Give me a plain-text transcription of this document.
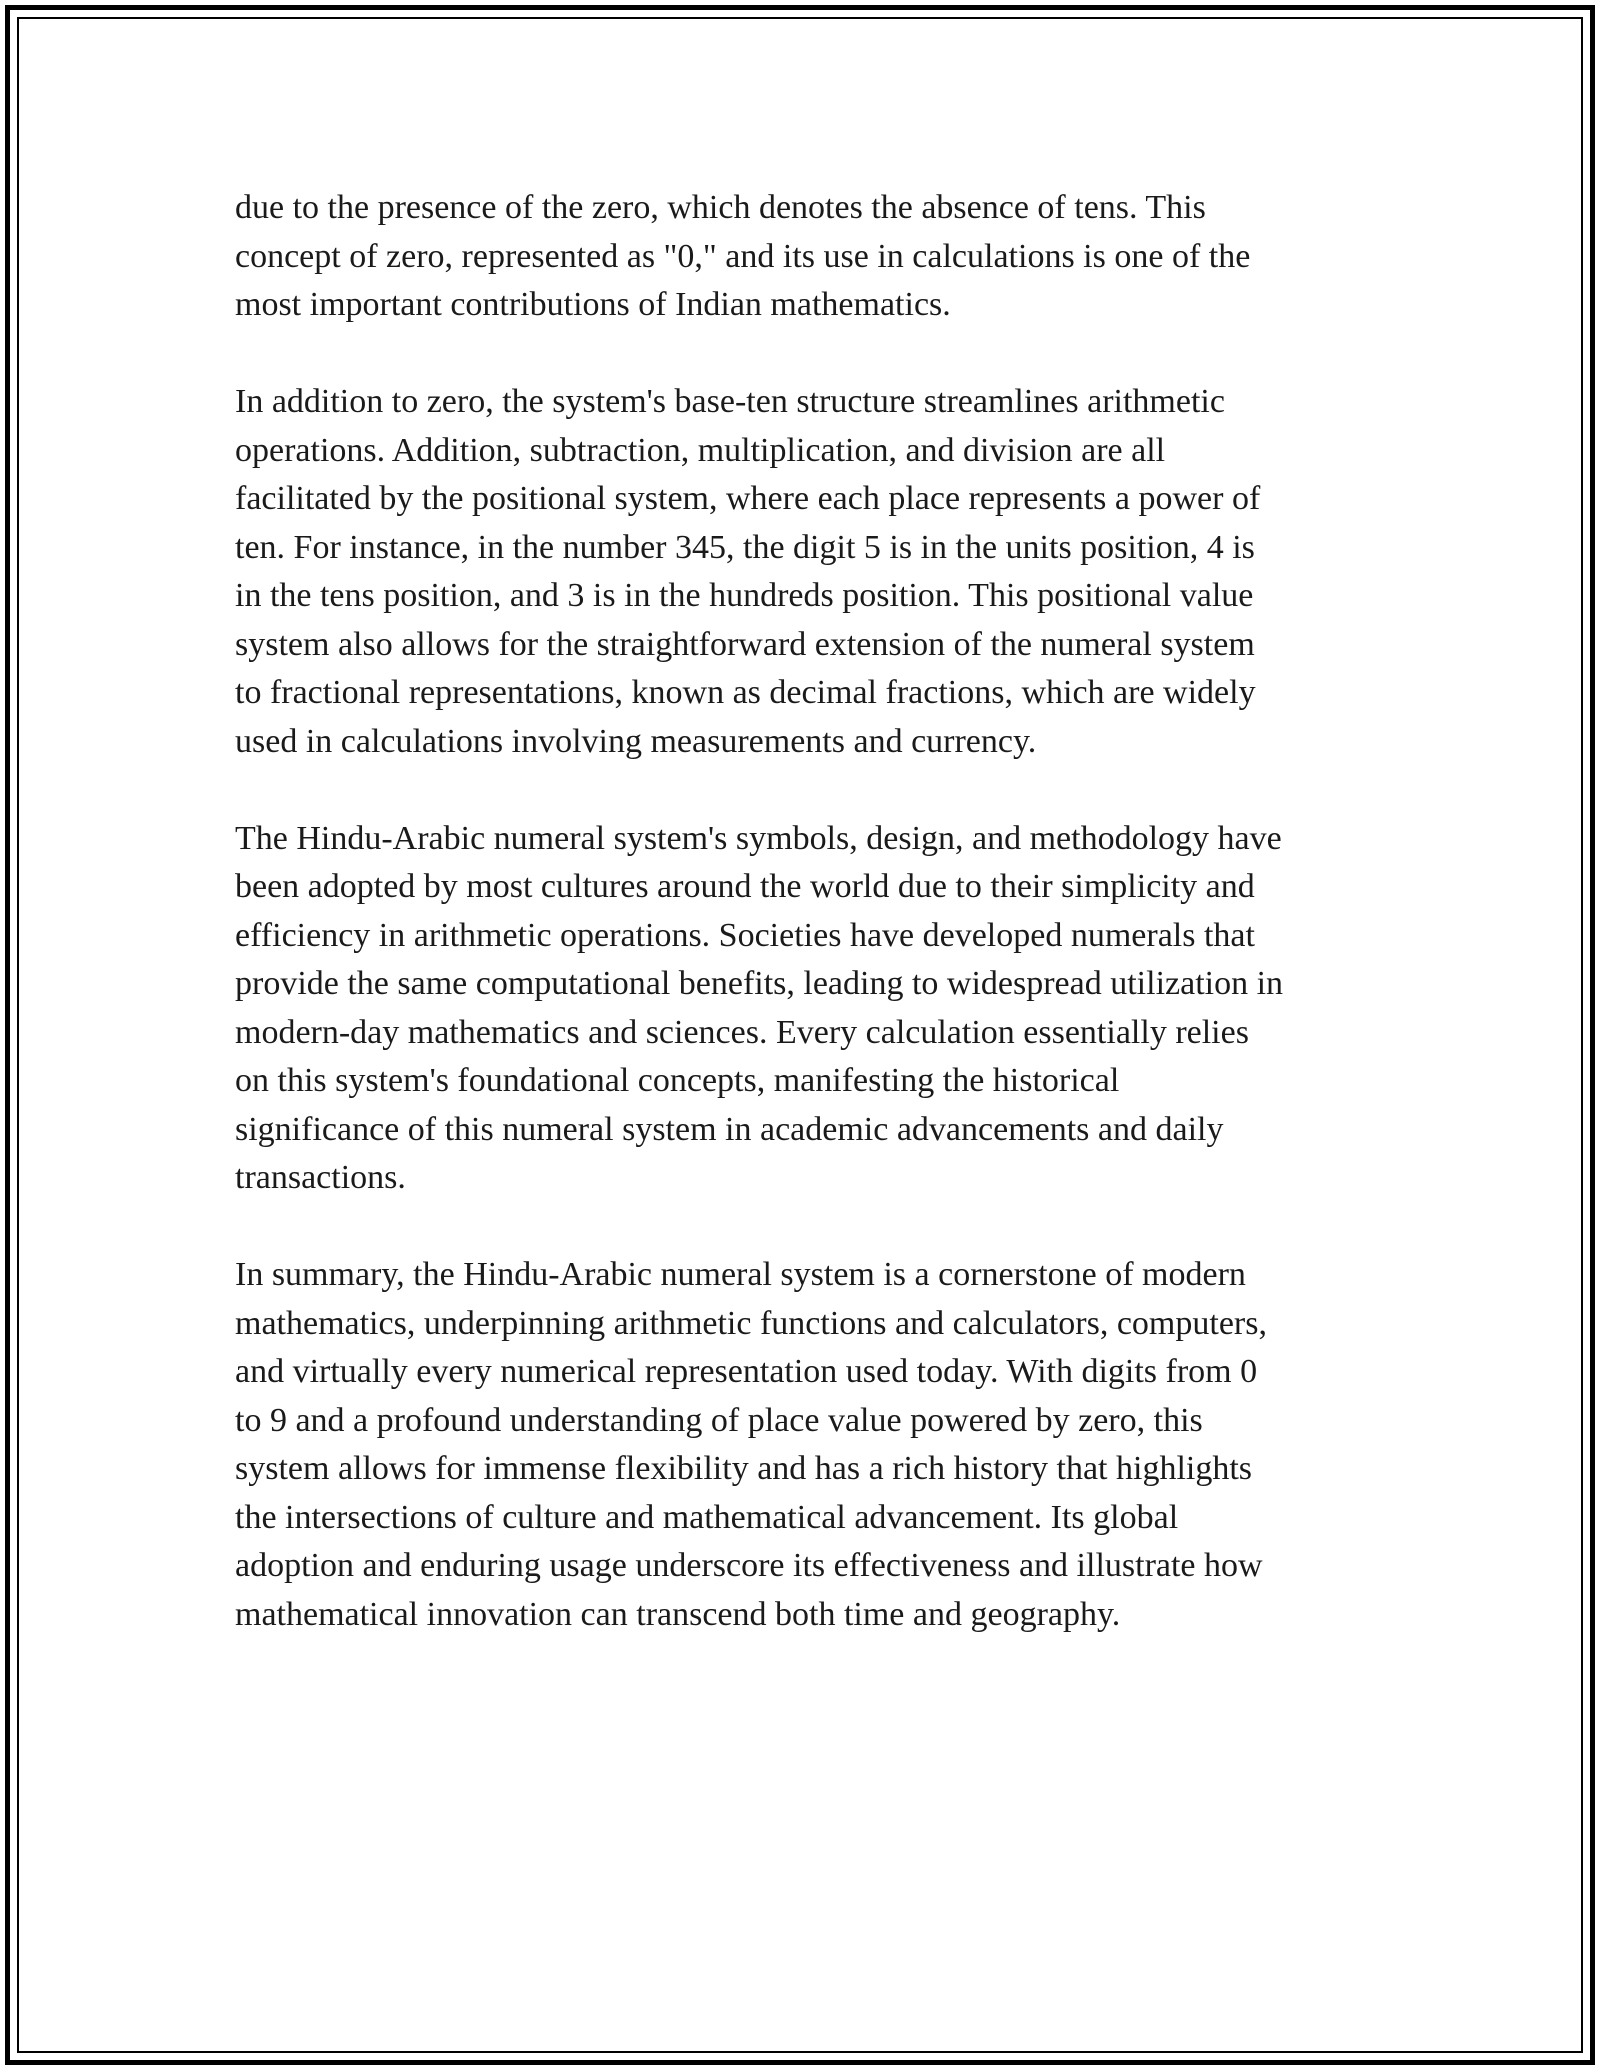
due to the presence of the zero, which denotes the absence of tens. This
concept of zero, represented as "0," and its use in calculations is one of the
most important contributions of Indian mathematics.

In addition to zero, the system's base-ten structure streamlines arithmetic
operations. Addition, subtraction, multiplication, and division are all
facilitated by the positional system, where each place represents a power of
ten. For instance, in the number 345, the digit 5 is in the units position, 4 is
in the tens position, and 3 is in the hundreds position. This positional value
system also allows for the straightforward extension of the numeral system
to fractional representations, known as decimal fractions, which are widely
used in calculations involving measurements and currency.

The Hindu-Arabic numeral system's symbols, design, and methodology have
been adopted by most cultures around the world due to their simplicity and
efficiency in arithmetic operations. Societies have developed numerals that
provide the same computational benefits, leading to widespread utilization in
modern-day mathematics and sciences. Every calculation essentially relies
on this system's foundational concepts, manifesting the historical
significance of this numeral system in academic advancements and daily
transactions.

In summary, the Hindu-Arabic numeral system is a cornerstone of modern
mathematics, underpinning arithmetic functions and calculators, computers,
and virtually every numerical representation used today. With digits from 0
to 9 and a profound understanding of place value powered by zero, this
system allows for immense flexibility and has a rich history that highlights
the intersections of culture and mathematical advancement. Its global
adoption and enduring usage underscore its effectiveness and illustrate how
mathematical innovation can transcend both time and geography.
